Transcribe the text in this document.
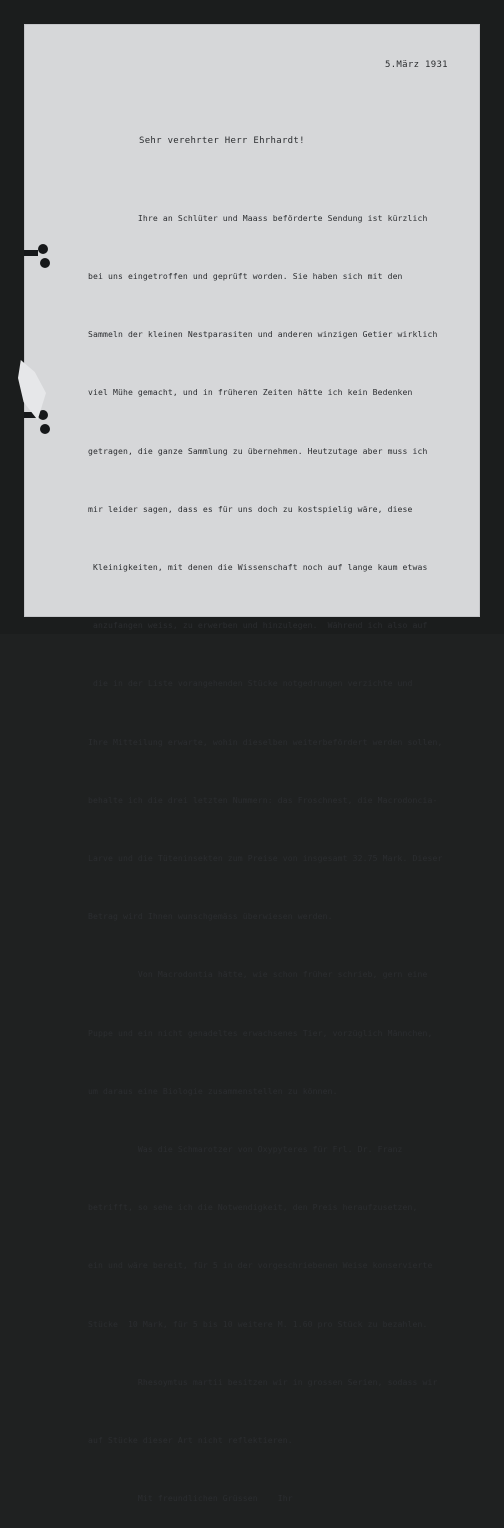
5.März 1931
Sehr verehrter Herr Ehrhardt!

Ihre an Schlüter und Maass beförderte Sendung ist kürzlich

bei uns eingetroffen und geprüft worden. Sie haben sich mit den

Sammeln der kleinen Nestparasiten und anderen winzigen Getier wirklich

viel Mühe gemacht, und in früheren Zeiten hätte ich kein Bedenken

getragen, die ganze Sammlung zu übernehmen. Heutzutage aber muss ich

mir leider sagen, dass es für uns doch zu kostspielig wäre, diese

Kleinigkeiten, mit denen die Wissenschaft noch auf lange kaum etwas

anzufangen weiss, zu erwerben und hinzulegen.  Während ich also auf

die in der Liste vorangehenden Stücke notgedrungen verzichte und

Ihre Mitteilung erwarte, wohin dieselben weiterbefördert werden sollen,

behalte ich die drei letzten Nummern: das Froschnest, die Macrodoncia-

Larve und die Tüteninsekten zum Preise von insgesamt 32.75 Mark. Dieser

Betrag wird Ihnen wunschgemäss überwiesen werden.

Von Macrodontia hätte, wie schon früher schrieb, gern eine

Puppe und ein nicht genadeltes erwachsenes Tier, vorzüglich Männchen,

um daraus eine Biologie zusammenstellen zu können.

Was die Schmarotzer von Oxypyteres für Frl. Dr. Franz

betrifft, so sehe ich die Notwendigkeit, den Preis heraufzusetzen,

ein und wäre bereit, für 5 in der vorgeschriebenen Weise konservierte

Stücke  10 Mark, für 5 bis 10 weitere M. 1.60 pro Stück zu bezahlen.

Rhesoymtus martii besitzen wir in grossen Serien, sodass wir

auf Stücke dieser Art nicht reflektieren.

Mit freundlichen Grüssen    Ihr
